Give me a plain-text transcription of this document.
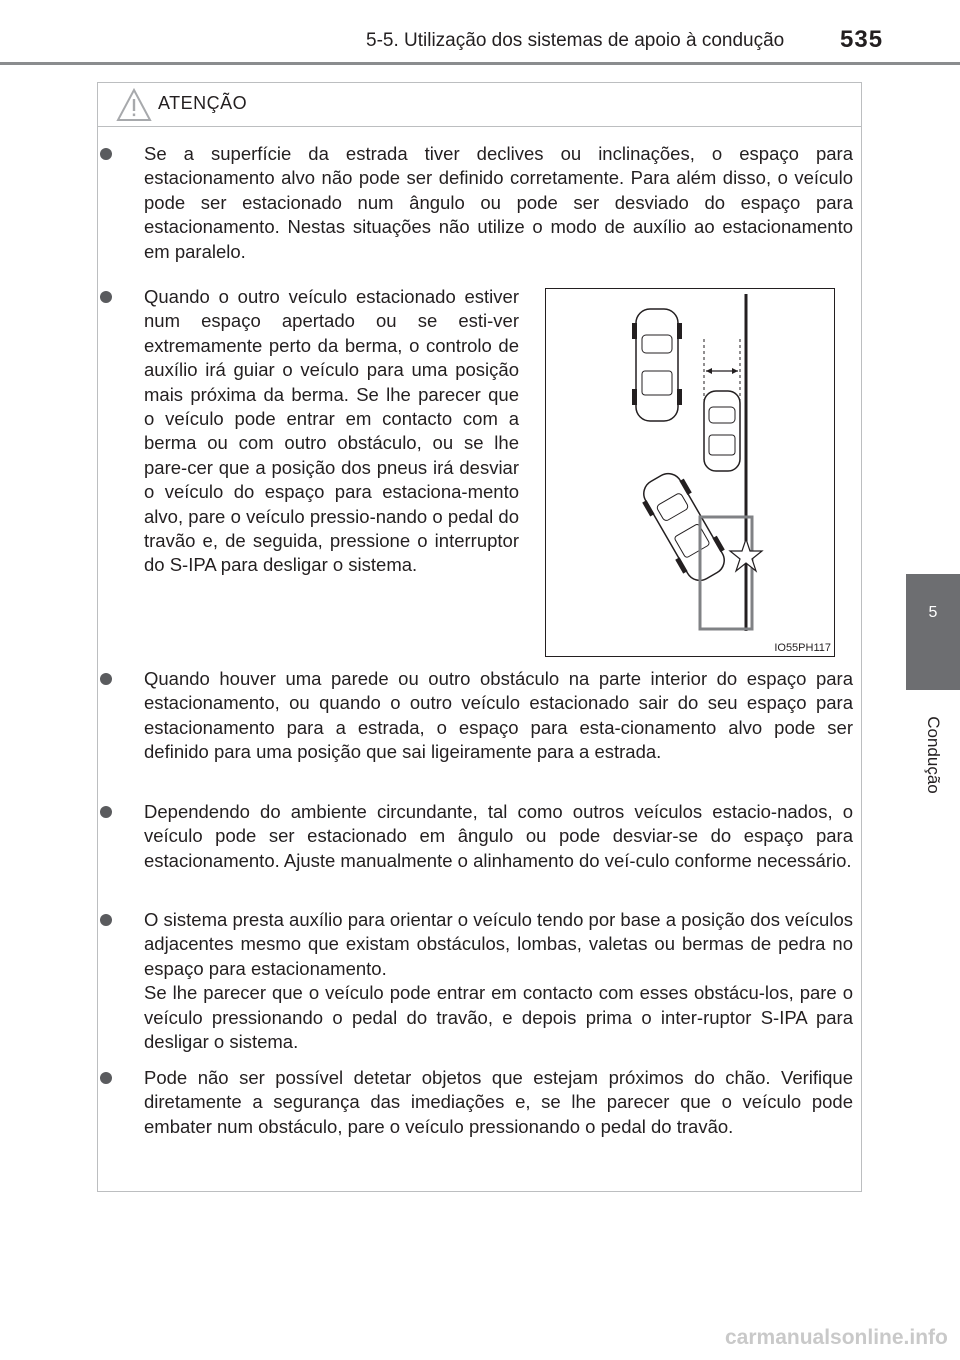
5-5. Utilização dos sistemas de apoio à condução 535
5
Condução
ATENÇÃO

Se a superfície da estrada tiver declives ou inclinações, o espaço para estacionamento alvo não pode ser definido corretamente. Para além disso, o veículo pode ser estacionado num ângulo ou pode ser desviado do espaço para estacionamento. Nestas situações não utilize o modo de auxílio ao estacionamento em paralelo.

Quando o outro veículo estacionado estiver num espaço apertado ou se esti-ver extremamente perto da berma, o controlo de auxílio irá guiar o veículo para uma posição mais próxima da berma. Se lhe parecer que o veículo pode entrar em contacto com a berma ou com outro obstáculo, ou se lhe pare-cer que a posição dos pneus irá desviar o veículo do espaço para estaciona-mento alvo, pare o veículo pressio-nando o pedal do travão e, de seguida, pressione o interruptor do S-IPA para desligar o sistema.

IO55PH117

Quando houver uma parede ou outro obstáculo na parte interior do espaço para estacionamento, ou quando o outro veículo estacionado sair do seu espaço para estacionamento para a estrada, o espaço para esta-cionamento alvo pode ser definido para uma posição que sai ligeiramente para a estrada.

Dependendo do ambiente circundante, tal como outros veículos estacio-nados, o veículo pode ser estacionado em ângulo ou pode desviar-se do espaço para estacionamento. Ajuste manualmente o alinhamento do veí-culo conforme necessário.

O sistema presta auxílio para orientar o veículo tendo por base a posição dos veículos adjacentes mesmo que existam obstáculos, lombas, valetas ou bermas de pedra no espaço para estacionamento.

Se lhe parecer que o veículo pode entrar em contacto com esses obstácu-los, pare o veículo pressionando o pedal do travão, e depois prima o inter-ruptor S-IPA para desligar o sistema.

Pode não ser possível detetar objetos que estejam próximos do chão. Verifique diretamente a segurança das imediações e, se lhe parecer que o veículo pode embater num obstáculo, pare o veículo pressionando o pedal do travão.

carmanualsonline.info
